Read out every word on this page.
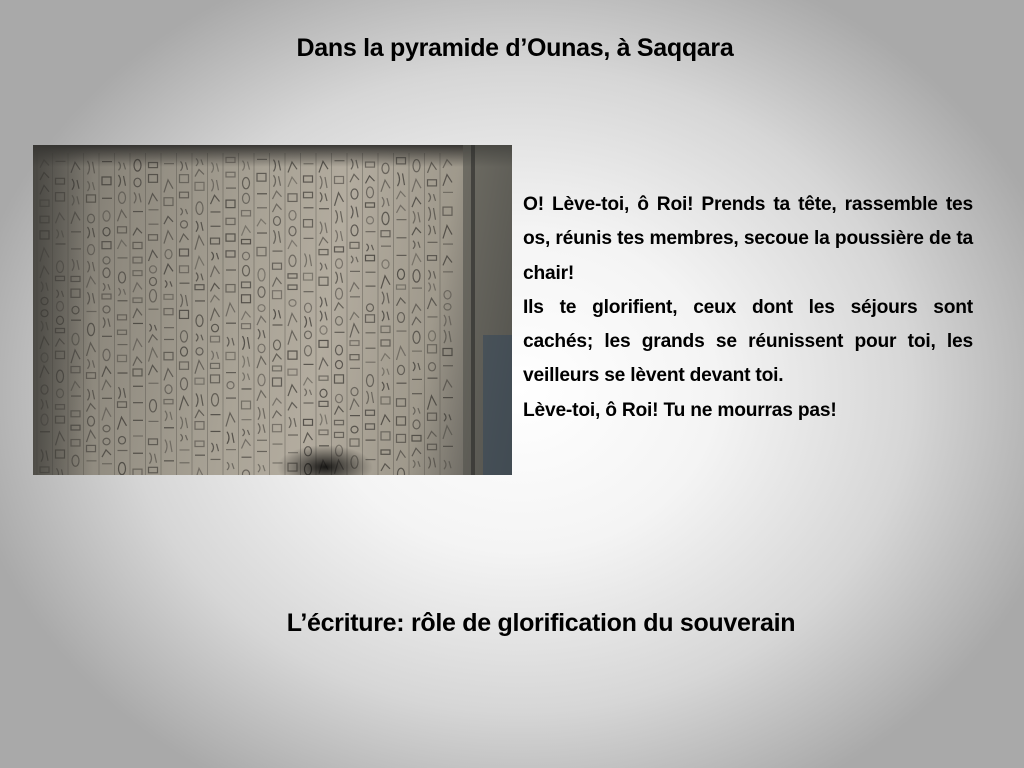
Dans la pyramide d’Ounas, à Saqqara

O! Lève-toi, ô Roi! Prends ta tête, rassemble tes os, réunis tes membres, secoue la poussière de ta chair!

Ils te glorifient, ceux dont les séjours sont cachés; les grands se réunissent pour toi, les veilleurs se lèvent devant toi.

Lève-toi, ô Roi! Tu ne mourras pas!

L’écriture: rôle de glorification du souverain
